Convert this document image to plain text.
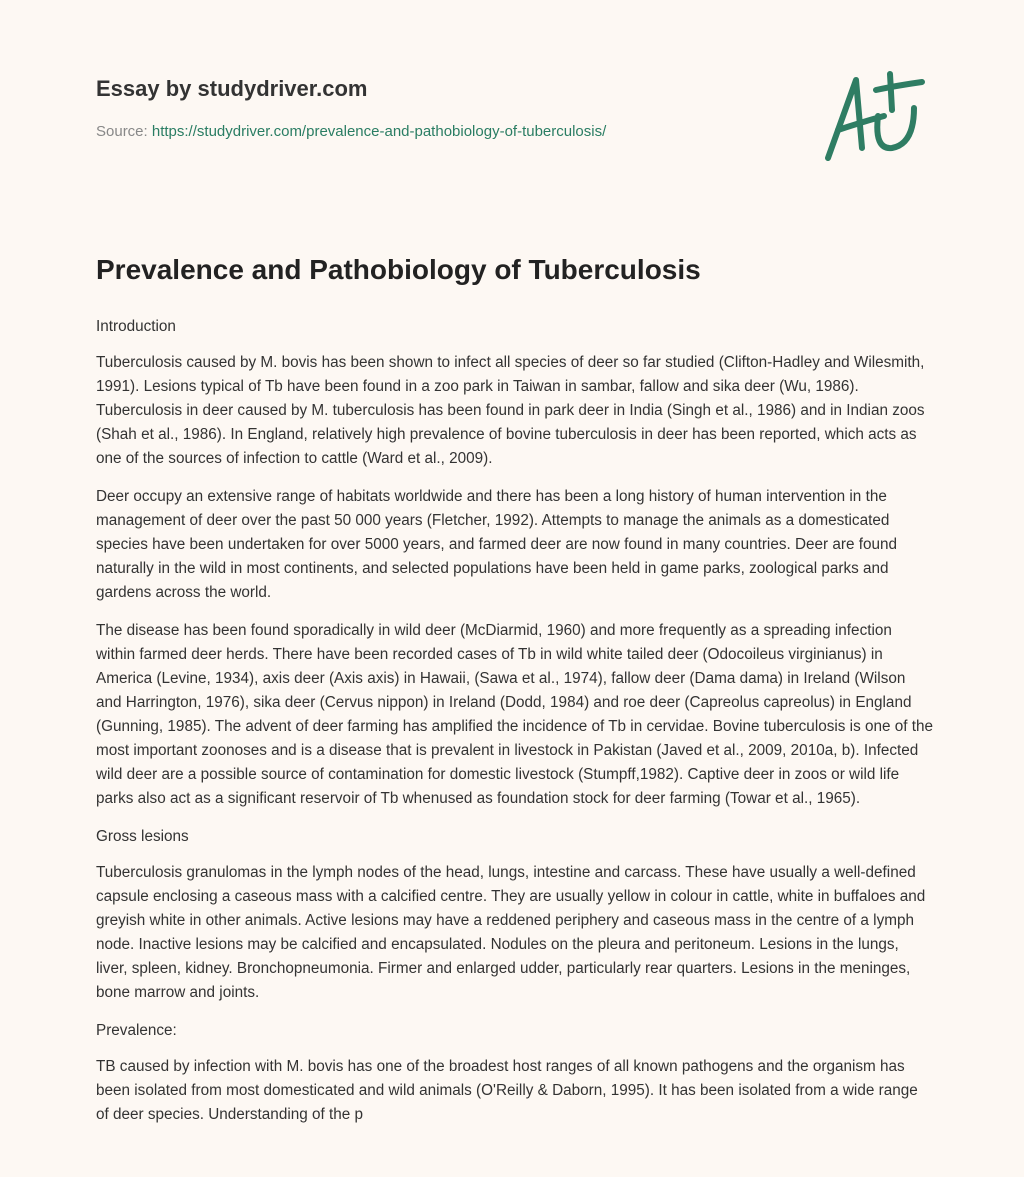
Essay by studydriver.com
Source: https://studydriver.com/prevalence-and-pathobiology-of-tuberculosis/
Prevalence and Pathobiology of Tuberculosis

Introduction

Tuberculosis caused by M. bovis has been shown to infect all species of deer so far studied (Clifton-Hadley and Wilesmith, 1991). Lesions typical of Tb have been found in a zoo park in Taiwan in sambar, fallow and sika deer (Wu, 1986). Tuberculosis in deer caused by M. tuberculosis has been found in park deer in India (Singh et al., 1986) and in Indian zoos (Shah et al., 1986). In England, relatively high prevalence of bovine tuberculosis in deer has been reported, which acts as one of the sources of infection to cattle (Ward et al., 2009).

Deer occupy an extensive range of habitats worldwide and there has been a long history of human intervention in the management of deer over the past 50 000 years (Fletcher, 1992). Attempts to manage the animals as a domesticated species have been undertaken for over 5000 years, and farmed deer are now found in many countries. Deer are found naturally in the wild in most continents, and selected populations have been held in game parks, zoological parks and gardens across the world.

The disease has been found sporadically in wild deer (McDiarmid, 1960) and more frequently as a spreading infection within farmed deer herds. There have been recorded cases of Tb in wild white tailed deer (Odocoileus virginianus) in America (Levine, 1934), axis deer (Axis axis) in Hawaii, (Sawa et al., 1974), fallow deer (Dama dama) in Ireland (Wilson and Harrington, 1976), sika deer (Cervus nippon) in Ireland (Dodd, 1984) and roe deer (Capreolus capreolus) in England (Gunning, 1985). The advent of deer farming has amplified the incidence of Tb in cervidae. Bovine tuberculosis is one of the most important zoonoses and is a disease that is prevalent in livestock in Pakistan (Javed et al., 2009, 2010a, b). Infected wild deer are a possible source of contamination for domestic livestock (Stumpff,1982). Captive deer in zoos or wild life parks also act as a significant reservoir of Tb whenused as foundation stock for deer farming (Towar et al., 1965).

Gross lesions

Tuberculosis granulomas in the lymph nodes of the head, lungs, intestine and carcass. These have usually a well-defined capsule enclosing a caseous mass with a calcified centre. They are usually yellow in colour in cattle, white in buffaloes and greyish white in other animals. Active lesions may have a reddened periphery and caseous mass in the centre of a lymph node. Inactive lesions may be calcified and encapsulated. Nodules on the pleura and peritoneum. Lesions in the lungs, liver, spleen, kidney. Bronchopneumonia. Firmer and enlarged udder, particularly rear quarters. Lesions in the meninges, bone marrow and joints.

Prevalence:

TB caused by infection with M. bovis has one of the broadest host ranges of all known pathogens and the organism has been isolated from most domesticated and wild animals (O'Reilly & Daborn, 1995). It has been isolated from a wide range of deer species. Understanding of the p
